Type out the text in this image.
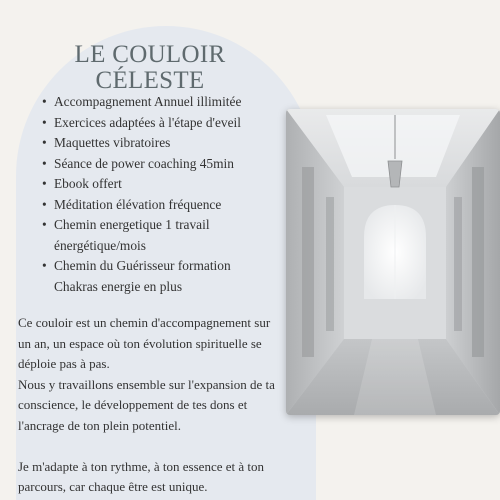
LE COULOIR
CÉLESTE
• Accompagnement Annuel illimitée
• Exercices adaptées à l'étape d'eveil
• Maquettes vibratoires
• Séance de power coaching 45min
• Ebook offert
• Méditation élévation fréquence
• Chemin energetique 1 travail
énergétique/mois
• Chemin du Guérisseur formation
Chakras energie en plus

Ce couloir est un chemin d'accompagnement sur
un an, un espace où ton évolution spirituelle se
déploie pas à pas.
Nous y travaillons ensemble sur l'expansion de ta
conscience, le développement de tes dons et
l'ancrage de ton plein potentiel.

Je m'adapte à ton rythme, à ton essence et à ton
parcours, car chaque être est unique.
